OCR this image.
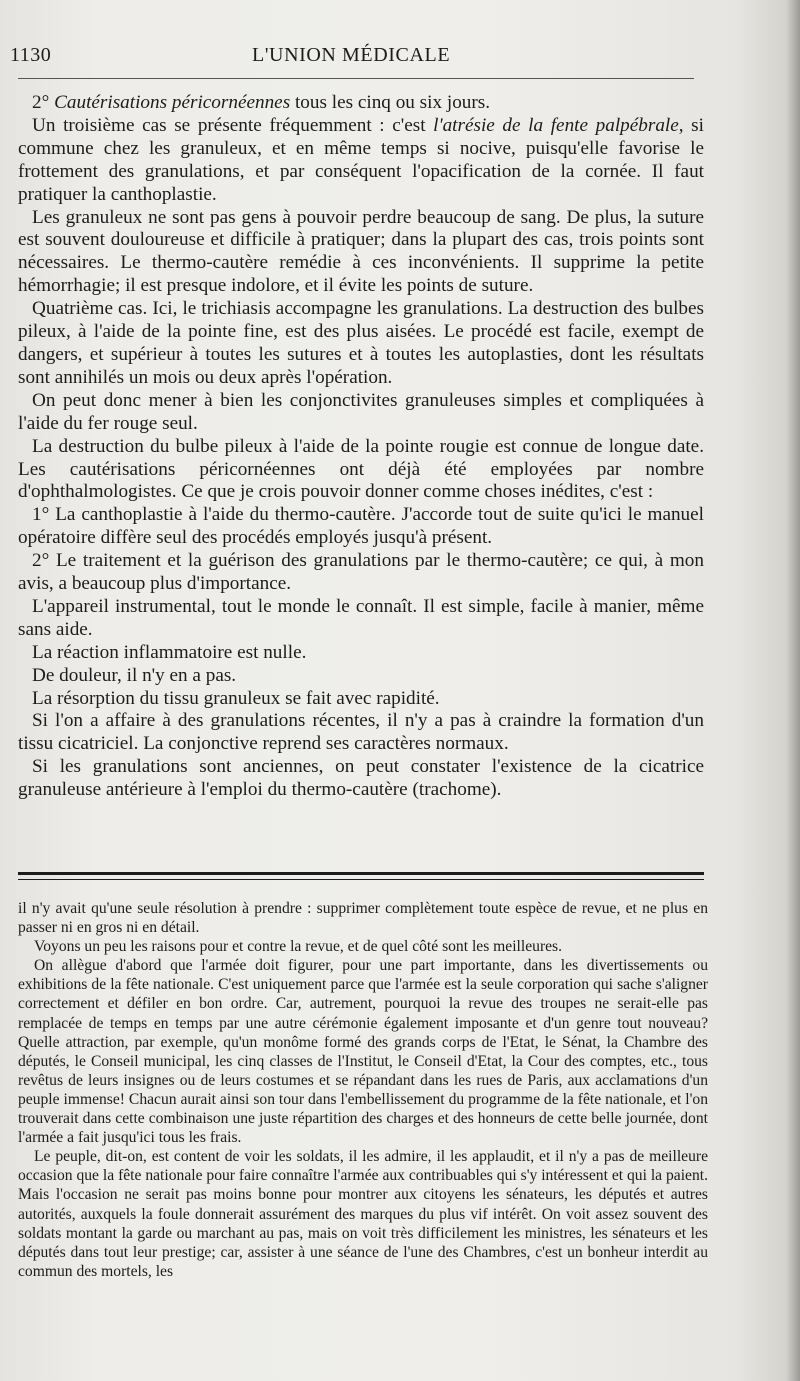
1130	L'UNION MÉDICALE

2° Cautérisations péricornéennes tous les cinq ou six jours.

Un troisième cas se présente fréquemment : c'est l'atrésie de la fente palpébrale, si commune chez les granuleux, et en même temps si nocive, puisqu'elle favorise le frottement des granulations, et par conséquent l'opacification de la cornée. Il faut pratiquer la canthoplastie.

Les granuleux ne sont pas gens à pouvoir perdre beaucoup de sang. De plus, la suture est souvent douloureuse et difficile à pratiquer; dans la plupart des cas, trois points sont nécessaires. Le thermo-cautère remédie à ces inconvénients. Il supprime la petite hémorrhagie; il est presque indolore, et il évite les points de suture.

Quatrième cas. Ici, le trichiasis accompagne les granulations. La destruction des bulbes pileux, à l'aide de la pointe fine, est des plus aisées. Le procédé est facile, exempt de dangers, et supérieur à toutes les sutures et à toutes les autoplasties, dont les résultats sont annihilés un mois ou deux après l'opération.

On peut donc mener à bien les conjonctivites granuleuses simples et compliquées à l'aide du fer rouge seul.

La destruction du bulbe pileux à l'aide de la pointe rougie est connue de longue date. Les cautérisations péricornéennes ont déjà été employées par nombre d'ophthalmologistes. Ce que je crois pouvoir donner comme choses inédites, c'est :

1° La canthoplastie à l'aide du thermo-cautère. J'accorde tout de suite qu'ici le manuel opératoire diffère seul des procédés employés jusqu'à présent.

2° Le traitement et la guérison des granulations par le thermo-cautère; ce qui, à mon avis, a beaucoup plus d'importance.

L'appareil instrumental, tout le monde le connaît. Il est simple, facile à manier, même sans aide.

La réaction inflammatoire est nulle.

De douleur, il n'y en a pas.

La résorption du tissu granuleux se fait avec rapidité.

Si l'on a affaire à des granulations récentes, il n'y a pas à craindre la formation d'un tissu cicatriciel. La conjonctive reprend ses caractères normaux.

Si les granulations sont anciennes, on peut constater l'existence de la cicatrice granuleuse antérieure à l'emploi du thermo-cautère (trachome).

il n'y avait qu'une seule résolution à prendre : supprimer complètement toute espèce de revue, et ne plus en passer ni en gros ni en détail.

Voyons un peu les raisons pour et contre la revue, et de quel côté sont les meilleures.

On allègue d'abord que l'armée doit figurer, pour une part importante, dans les divertissements ou exhibitions de la fête nationale. C'est uniquement parce que l'armée est la seule corporation qui sache s'aligner correctement et défiler en bon ordre. Car, autrement, pourquoi la revue des troupes ne serait-elle pas remplacée de temps en temps par une autre cérémonie également imposante et d'un genre tout nouveau? Quelle attraction, par exemple, qu'un monôme formé des grands corps de l'Etat, le Sénat, la Chambre des députés, le Conseil municipal, les cinq classes de l'Institut, le Conseil d'Etat, la Cour des comptes, etc., tous revêtus de leurs insignes ou de leurs costumes et se répandant dans les rues de Paris, aux acclamations d'un peuple immense! Chacun aurait ainsi son tour dans l'embellissement du programme de la fête nationale, et l'on trouverait dans cette combinaison une juste répartition des charges et des honneurs de cette belle journée, dont l'armée a fait jusqu'ici tous les frais.

Le peuple, dit-on, est content de voir les soldats, il les admire, il les applaudit, et il n'y a pas de meilleure occasion que la fête nationale pour faire connaître l'armée aux contribuables qui s'y intéressent et qui la paient. Mais l'occasion ne serait pas moins bonne pour montrer aux citoyens les sénateurs, les députés et autres autorités, auxquels la foule donnerait assurément des marques du plus vif intérêt. On voit assez souvent des soldats montant la garde ou marchant au pas, mais on voit très difficilement les ministres, les sénateurs et les députés dans tout leur prestige; car, assister à une séance de l'une des Chambres, c'est un bonheur interdit au commun des mortels, les
